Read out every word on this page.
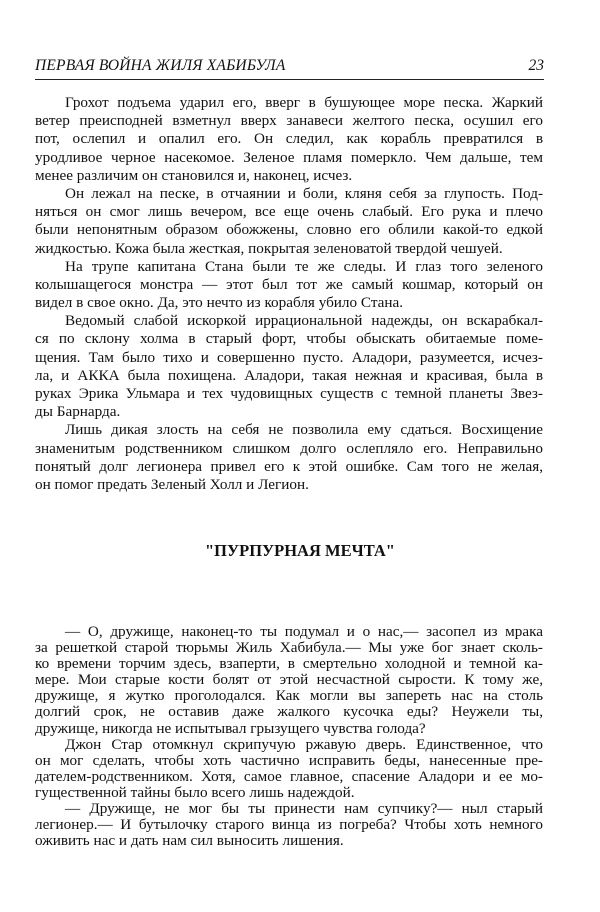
ПЕРВАЯ ВОЙНА ЖИЛЯ ХАБИБУЛА	23
Грохот подъема ударил его, вверг в бушующее море песка. Жаркий
ветер преисподней взметнул вверх занавеси желтого песка, осушил его
пот, ослепил и опалил его. Он следил, как корабль превратился в
уродливое черное насекомое. Зеленое пламя померкло. Чем дальше, тем
менее различим он становился и, наконец, исчез.
Он лежал на песке, в отчаянии и боли, кляня себя за глупость. Под-
няться он смог лишь вечером, все еще очень слабый. Его рука и плечо
были непонятным образом обожжены, словно его облили какой-то едкой
жидкостью. Кожа была жесткая, покрытая зеленоватой твердой чешуей.
На трупе капитана Стана были те же следы. И глаз того зеленого
колышащегося монстра — этот был тот же самый кошмар, который он
видел в свое окно. Да, это нечто из корабля убило Стана.
Ведомый слабой искоркой иррациональной надежды, он вскарабкал-
ся по склону холма в старый форт, чтобы обыскать обитаемые поме-
щения. Там было тихо и совершенно пусто. Аладори, разумеется, исчез-
ла, и АККА была похищена. Аладори, такая нежная и красивая, была в
руках Эрика Ульмара и тех чудовищных существ с темной планеты Звез-
ды Барнарда.
Лишь дикая злость на себя не позволила ему сдаться. Восхищение
знаменитым родственником слишком долго ослепляло его. Неправильно
понятый долг легионера привел его к этой ошибке. Сам того не желая,
он помог предать Зеленый Холл и Легион.
"ПУРПУРНАЯ МЕЧТА"
— О, дружище, наконец-то ты подумал и о нас,— засопел из мрака
за решеткой старой тюрьмы Жиль Хабибула.— Мы уже бог знает сколь-
ко времени торчим здесь, взаперти, в смертельно холодной и темной ка-
мере. Мои старые кости болят от этой несчастной сырости. К тому же,
дружище, я жутко проголодался. Как могли вы запереть нас на столь
долгий срок, не оставив даже жалкого кусочка еды? Неужели ты,
дружище, никогда не испытывал грызущего чувства голода?
Джон Стар отомкнул скрипучую ржавую дверь. Единственное, что
он мог сделать, чтобы хоть частично исправить беды, нанесенные пре-
дателем-родственником. Хотя, самое главное, спасение Аладори и ее мо-
гущественной тайны было всего лишь надеждой.
— Дружище, не мог бы ты принести нам супчику?— ныл старый
легионер.— И бутылочку старого винца из погреба? Чтобы хоть немного
оживить нас и дать нам сил выносить лишения.
